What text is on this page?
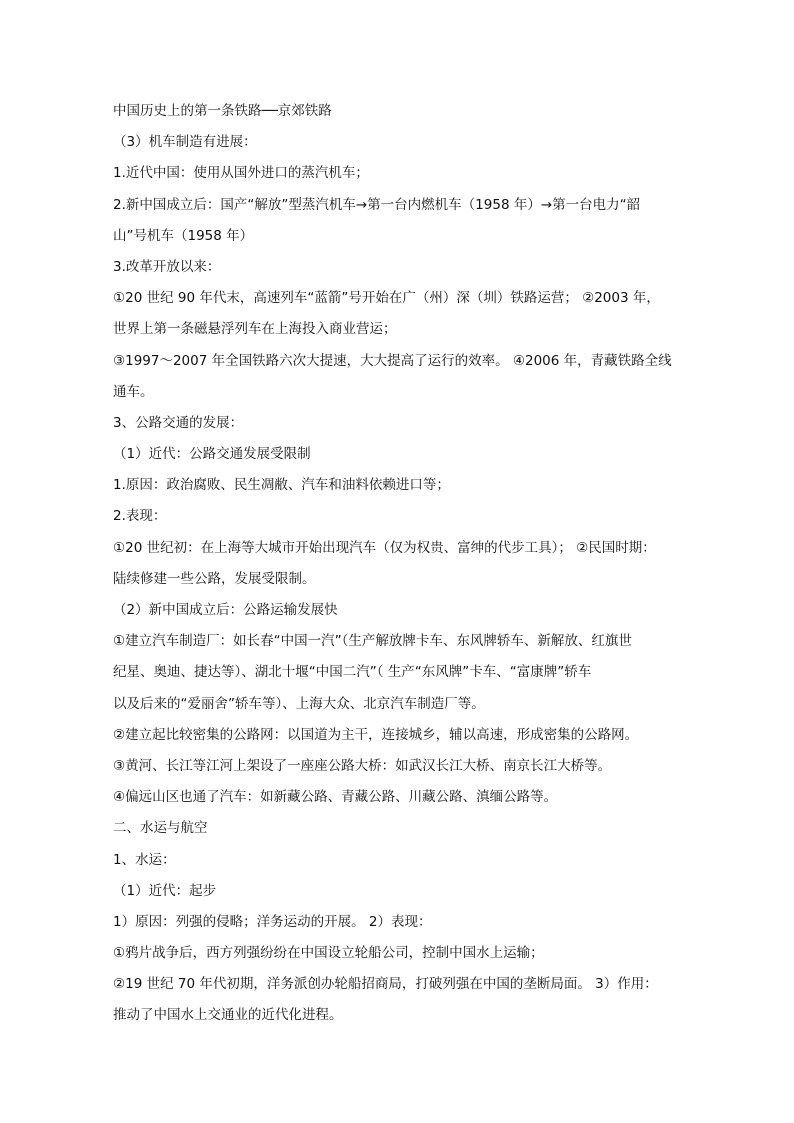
中国历史上的第一条铁路──京郊铁路
（3）机车制造有进展：
1.近代中国：使用从国外进口的蒸汽机车；
2.新中国成立后：国产“解放”型蒸汽机车→第一台内燃机车（1958 年）→第一台电力“韶
山”号机车（1958 年）
3.改革开放以来：
①20 世纪 90 年代末，高速列车“蓝箭”号开始在广（州）深（圳）铁路运营； ②2003 年，
世界上第一条磁悬浮列车在上海投入商业营运；
③1997～2007 年全国铁路六次大提速，大大提高了运行的效率。 ④2006 年，青藏铁路全线
通车。
3、公路交通的发展：
（1）近代：公路交通发展受限制
1.原因：政治腐败、民生凋敝、汽车和油料依赖进口等；
2.表现：
①20 世纪初：在上海等大城市开始出现汽车（仅为权贵、富绅的代步工具）； ②民国时期：
陆续修建一些公路，发展受限制。
（2）新中国成立后：公路运输发展快
①建立汽车制造厂：如长春“中国一汽”（生产解放牌卡车、东风牌轿车、新解放、红旗世
纪星、奥迪、捷达等）、湖北十堰“中国二汽”（ 生产“东风牌”卡车、“富康牌”轿车
以及后来的“爱丽舍”轿车等）、上海大众、北京汽车制造厂等。
②建立起比较密集的公路网：以国道为主干，连接城乡，辅以高速，形成密集的公路网。
③黄河、长江等江河上架设了一座座公路大桥：如武汉长江大桥、南京长江大桥等。
④偏远山区也通了汽车：如新藏公路、青藏公路、川藏公路、滇缅公路等。
二、水运与航空
1、水运：
（1）近代：起步
1）原因：列强的侵略；洋务运动的开展。 2）表现：
①鸦片战争后，西方列强纷纷在中国设立轮船公司，控制中国水上运输；
②19 世纪 70 年代初期，洋务派创办轮船招商局，打破列强在中国的垄断局面。 3）作用：
推动了中国水上交通业的近代化进程。
